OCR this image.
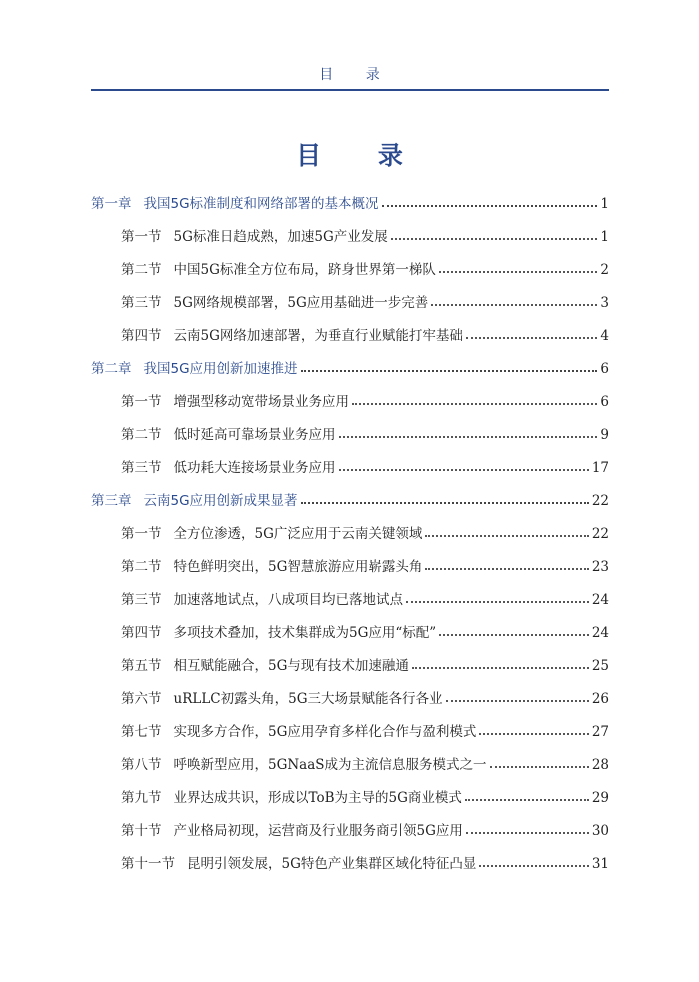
目 录
目 录
第一章 我国5G标准制度和网络部署的基本概况	1
第一节 5G标准日趋成熟，加速5G产业发展	1
第二节 中国5G标准全方位布局，跻身世界第一梯队	2
第三节 5G网络规模部署，5G应用基础进一步完善	3
第四节 云南5G网络加速部署，为垂直行业赋能打牢基础	4
第二章 我国5G应用创新加速推进	6
第一节 增强型移动宽带场景业务应用	6
第二节 低时延高可靠场景业务应用	9
第三节 低功耗大连接场景业务应用	17
第三章 云南5G应用创新成果显著	22
第一节 全方位渗透，5G广泛应用于云南关键领域	22
第二节 特色鲜明突出，5G智慧旅游应用崭露头角	23
第三节 加速落地试点，八成项目均已落地试点	24
第四节 多项技术叠加，技术集群成为5G应用“标配”	24
第五节 相互赋能融合，5G与现有技术加速融通	25
第六节 uRLLC初露头角，5G三大场景赋能各行各业	26
第七节 实现多方合作，5G应用孕育多样化合作与盈利模式	27
第八节 呼唤新型应用，5GNaaS成为主流信息服务模式之一	28
第九节 业界达成共识，形成以ToB为主导的5G商业模式	29
第十节 产业格局初现，运营商及行业服务商引领5G应用	30
第十一节 昆明引领发展，5G特色产业集群区域化特征凸显	31
